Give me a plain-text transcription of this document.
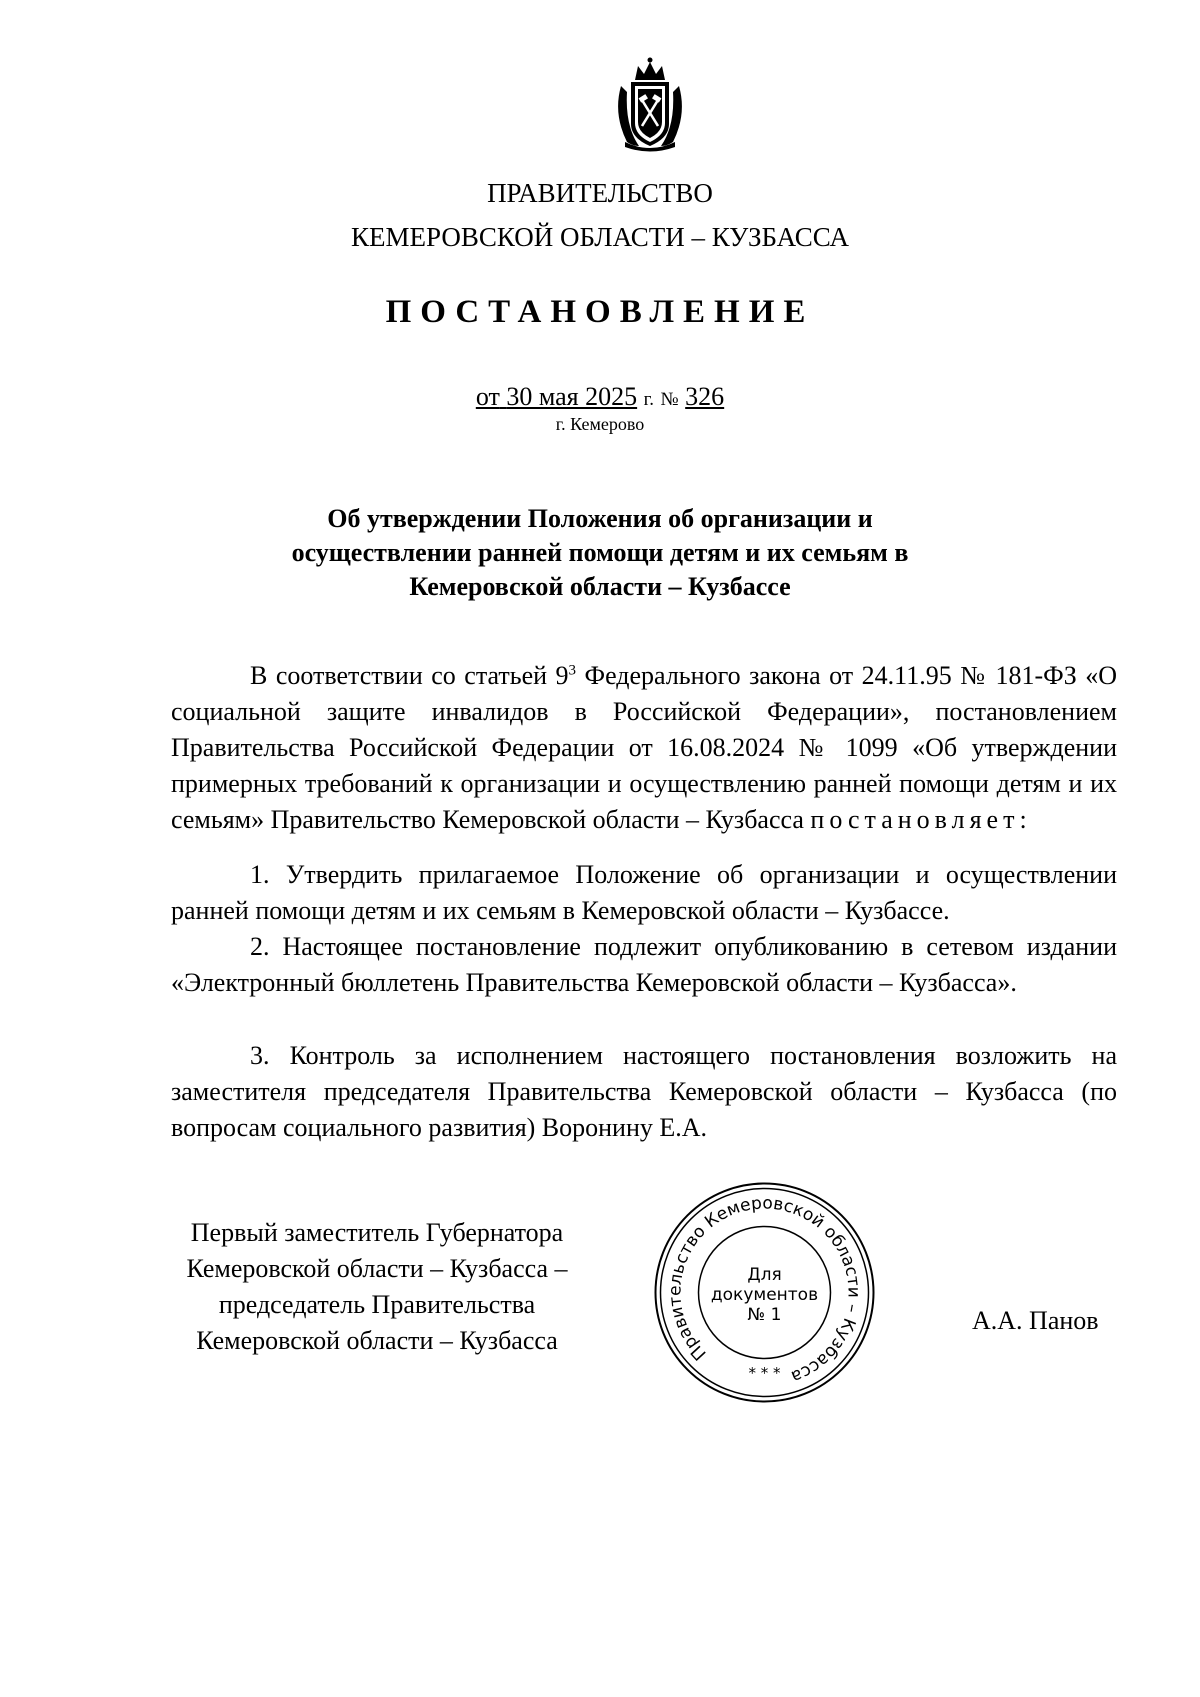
ПРАВИТЕЛЬСТВО
КЕМЕРОВСКОЙ ОБЛАСТИ – КУЗБАССА
ПОСТАНОВЛЕНИЕ
от 30 мая 2025 г. № 326
г. Кемерово
Об утверждении Положения об организации и
осуществлении ранней помощи детям и их семьям в
Кемеровской области – Кузбассе

В соответствии со статьей $9^3$ Федерального закона от 24.11.95 № 181-ФЗ «О социальной защите инвалидов в Российской Федерации», постановлением Правительства Российской Федерации от 16.08.2024 № 1099 «Об утверждении примерных требований к организации и осуществлению ранней помощи детям и их семьям» Правительство Кемеровской области – Кузбасса постановляет:

1. Утвердить прилагаемое Положение об организации и осуществлении ранней помощи детям и их семьям в Кемеровской области – Кузбассе.

2. Настоящее постановление подлежит опубликованию в сетевом издании «Электронный бюллетень Правительства Кемеровской области – Кузбасса».

3. Контроль за исполнением настоящего постановления возложить на заместителя председателя Правительства Кемеровской области – Кузбасса (по вопросам социального развития) Воронину Е.А.

Первый заместитель Губернатора
Кемеровской области – Кузбасса –
председатель Правительства
Кемеровской области – Кузбасса	Правительство Кемеровской области – Кузбасса
Для
документов
№ 1
* * *
А.А. Панов
